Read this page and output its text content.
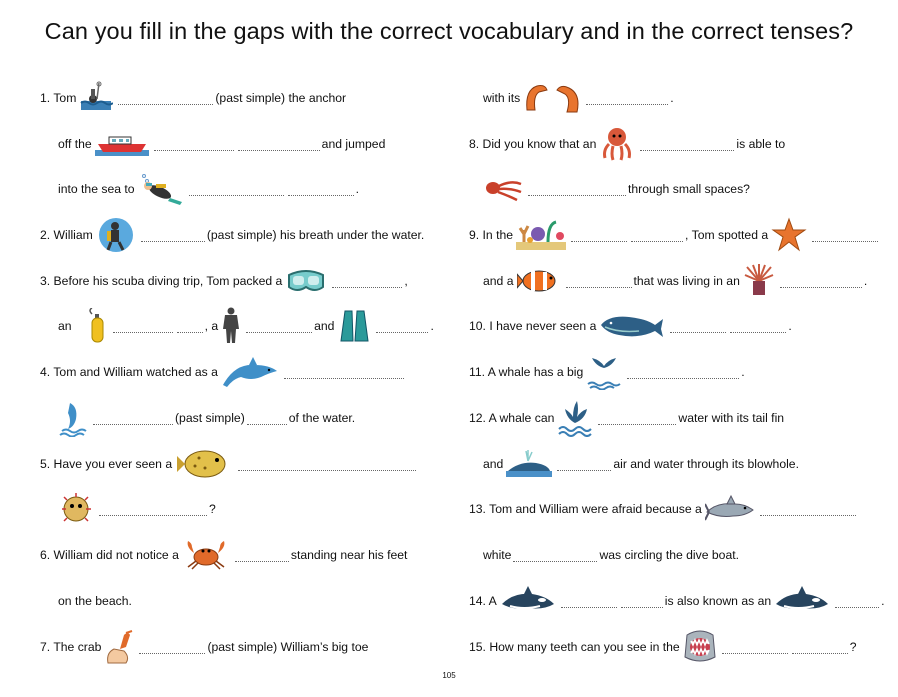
Can you fill in the gaps with the correct vocabulary and in the correct tenses?
1. Tom	(past simple) the anchor
off the	and jumped
into the sea to	.
2. William	(past simple) his breath under the water.
3. Before his scuba diving trip, Tom packed a	,
an	, a	and	.
4. Tom and William watched as a
(past simple)	of the water.
5. Have you ever seen a
?
6. William did not notice a	standing near his feet
on the beach.
7. The crab	(past simple) William’s big toe
with its	.
8. Did you know that an	is able to
through small spaces?
9. In the	, Tom spotted a
and a	that was living in an	.
10. I have never seen a	.
11. A whale has a big	.
12. A whale can	water with its tail fin
and	air and water through its blowhole.
13. Tom and William were afraid because a
white	was circling the dive boat.
14. A	is also known as an	.
15. How many teeth can you see in the	?
105
